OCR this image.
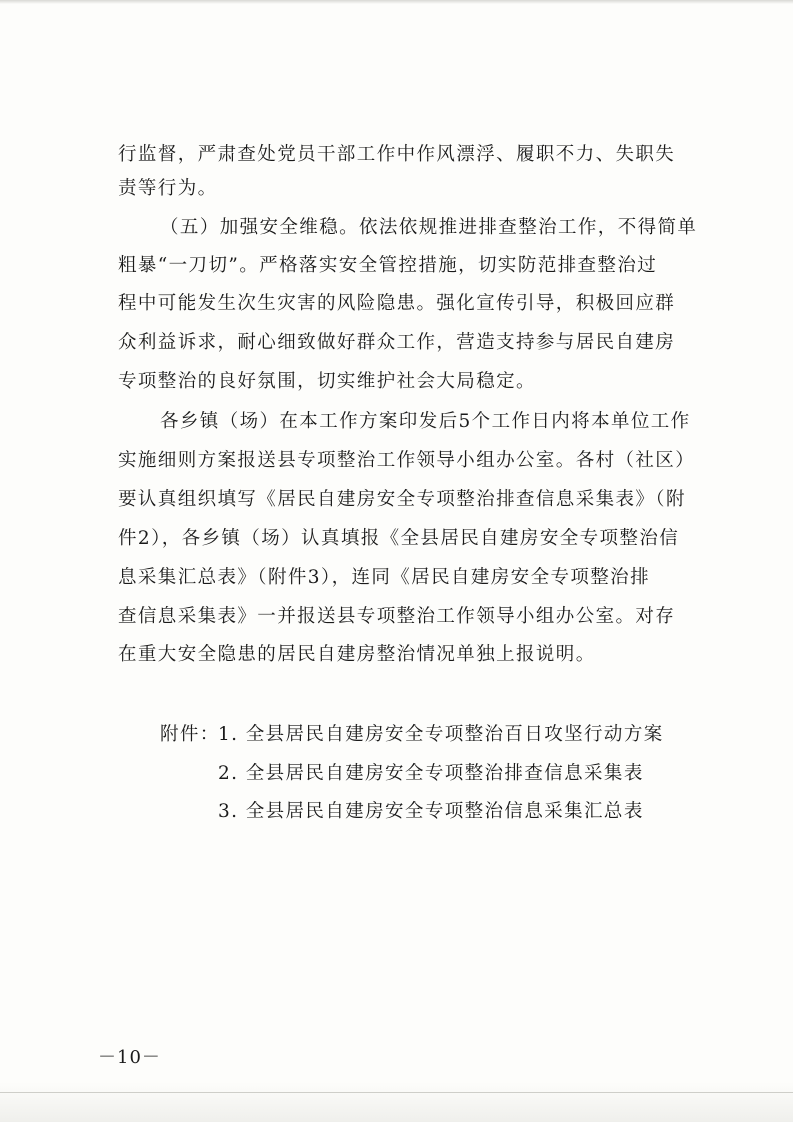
行监督，严肃查处党员干部工作中作风漂浮、履职不力、失职失
责等行为。
（五）加强安全维稳。依法依规推进排查整治工作，不得简单
粗暴“一刀切”。严格落实安全管控措施，切实防范排查整治过
程中可能发生次生灾害的风险隐患。强化宣传引导，积极回应群
众利益诉求，耐心细致做好群众工作，营造支持参与居民自建房
专项整治的良好氛围，切实维护社会大局稳定。
各乡镇（场）在本工作方案印发后5个工作日内将本单位工作
实施细则方案报送县专项整治工作领导小组办公室。各村（社区）
要认真组织填写《居民自建房安全专项整治排查信息采集表》（附
件2），各乡镇（场）认真填报《全县居民自建房安全专项整治信
息采集汇总表》（附件3），连同《居民自建房安全专项整治排
查信息采集表》一并报送县专项整治工作领导小组办公室。对存
在重大安全隐患的居民自建房整治情况单独上报说明。
附件：
1. 全县居民自建房安全专项整治百日攻坚行动方案
2. 全县居民自建房安全专项整治排查信息采集表
3. 全县居民自建房安全专项整治信息采集汇总表
－10－
